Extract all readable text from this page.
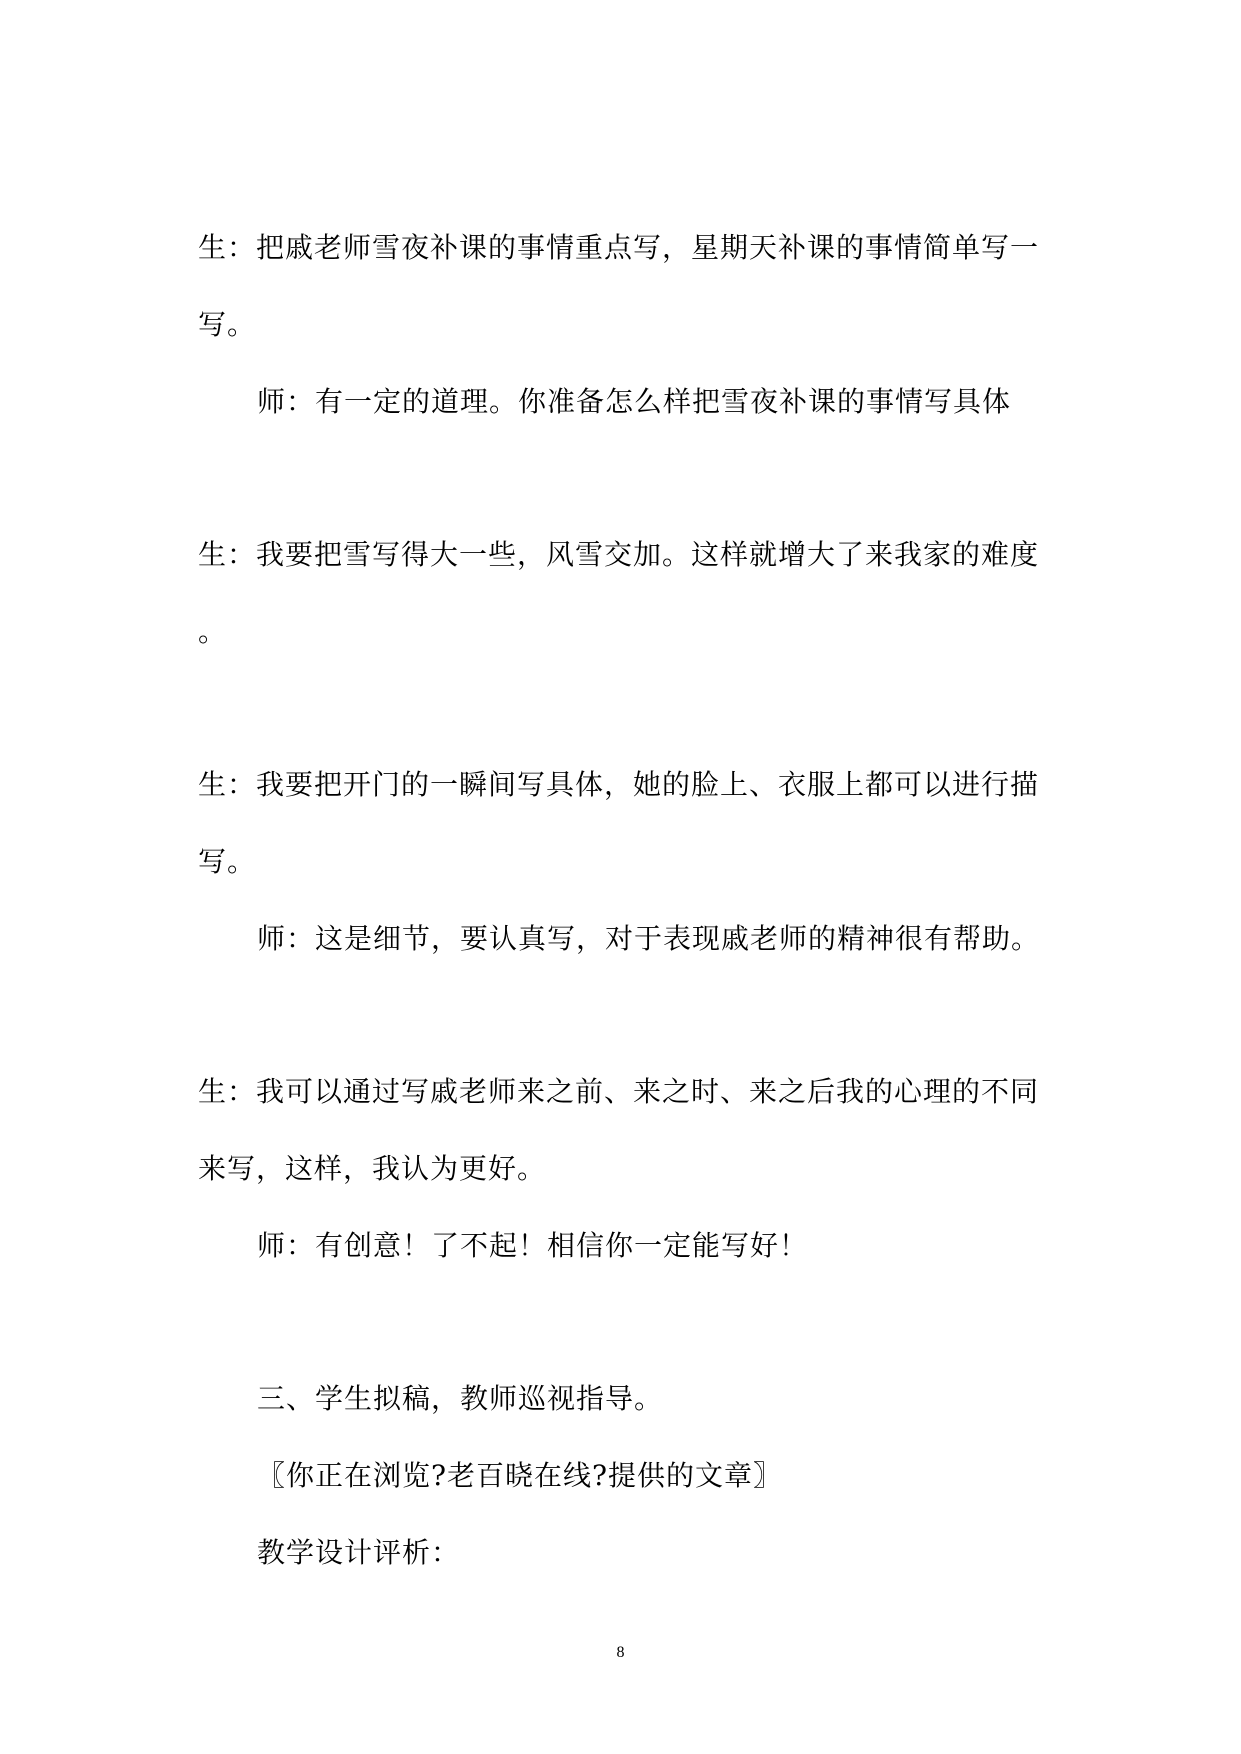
生：把戚老师雪夜补课的事情重点写，星期天补课的事情简单写一
写。
师：有一定的道理。你准备怎么样把雪夜补课的事情写具体
生：我要把雪写得大一些，风雪交加。这样就增大了来我家的难度
。
生：我要把开门的一瞬间写具体，她的脸上、衣服上都可以进行描
写。
师：这是细节，要认真写，对于表现戚老师的精神很有帮助。
生：我可以通过写戚老师来之前、来之时、来之后我的心理的不同
来写，这样，我认为更好。
师：有创意！了不起！相信你一定能写好！
三、学生拟稿，教师巡视指导。
〖你正在浏览?老百晓在线?提供的文章〗
教学设计评析：
8
